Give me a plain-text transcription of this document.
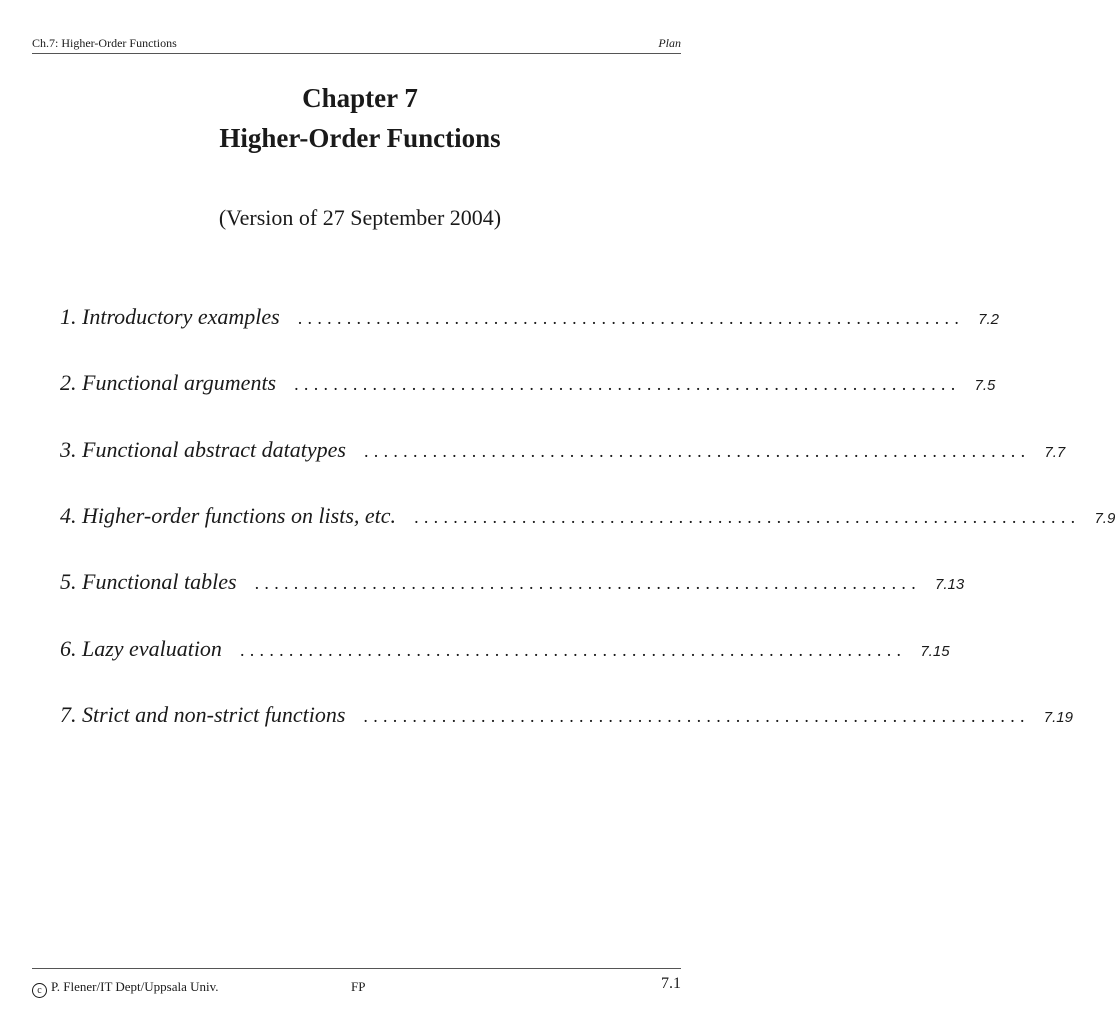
Ch.7: Higher-Order Functions	Plan
Chapter 7
Higher-Order Functions
(Version of 27 September 2004)
1. Introductory examples	.................................................................... 7.2
2. Functional arguments	.................................................................... 7.5
3. Functional abstract datatypes	.................................................................... 7.7
4. Higher-order functions on lists, etc.	.................................................................... 7.9
5. Functional tables	.................................................................... 7.13
6. Lazy evaluation	.................................................................... 7.15
7. Strict and non-strict functions	.................................................................... 7.19
c P. Flener/IT Dept/Uppsala Univ.	FP	7.1
